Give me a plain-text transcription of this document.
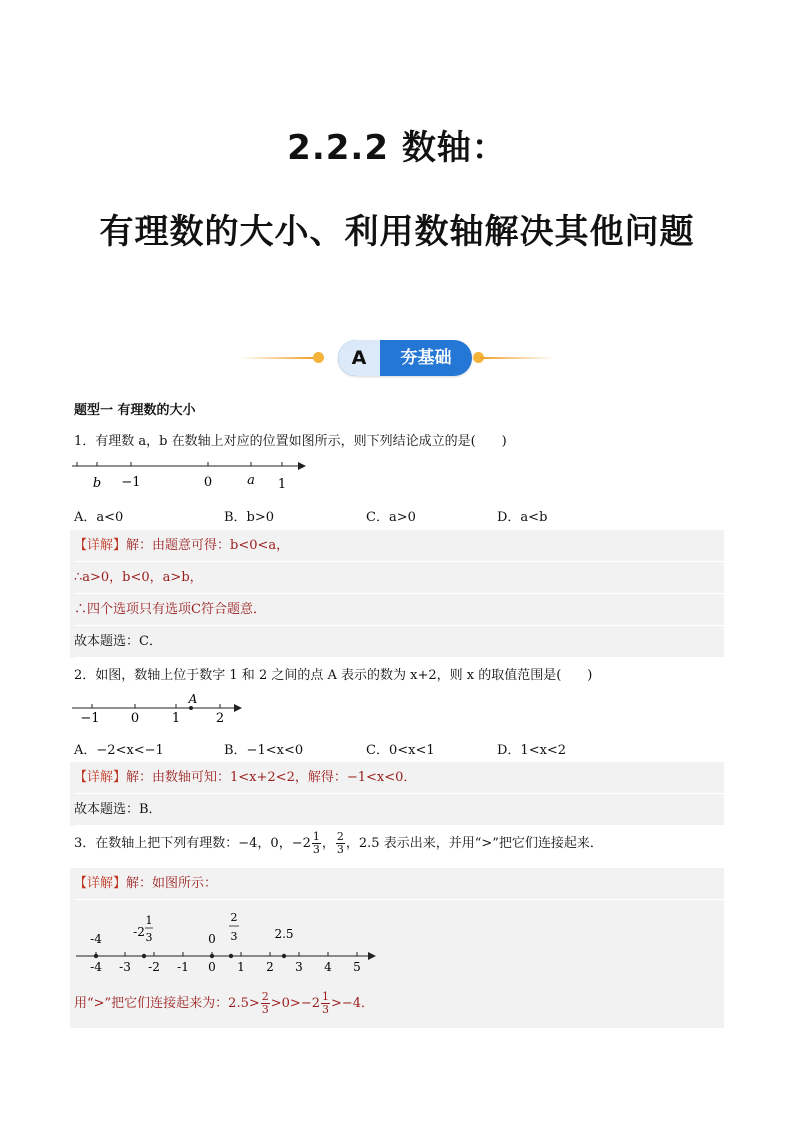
2.2.2 数轴：
有理数的大小、利用数轴解决其他问题
A	夯基础
题型一 有理数的大小
1．有理数 a，b 在数轴上对应的位置如图所示，则下列结论成立的是(　　)
b −1	0	a 1
A．a<0	B．b>0	C．a>0	D．a<b
【详解】解：由题意可得：b<0<a，
∴a>0，b<0，a>b，
∴四个选项只有选项C符合题意．
故本题选：C．
2．如图，数轴上位于数字 1 和 2 之间的点 A 表示的数为 x+2，则 x 的取值范围是(　　)
A
−1 0	1	2
A．−2<x<−1	B．−1<x<0	C．0<x<1	D．1<x<2
【详解】解：由数轴可知：1<x+2<2，解得：−1<x<0．
故本题选：B．
3．在数轴上把下列有理数：−4，0，$-2 \frac{1}{3}$ ， $\frac{2}{3}$ ，2.5 表示出来，并用“>”把它们连接起来．
【详解】解：如图所示：
-4	-2
1
3	0
2
3	2.5
-4 -3 -2 -1 0 1 2 3 4 5
用“>”把它们连接起来为：$2.5> \frac{2}{3} >0>-2 \frac{1}{3} >-4$．
